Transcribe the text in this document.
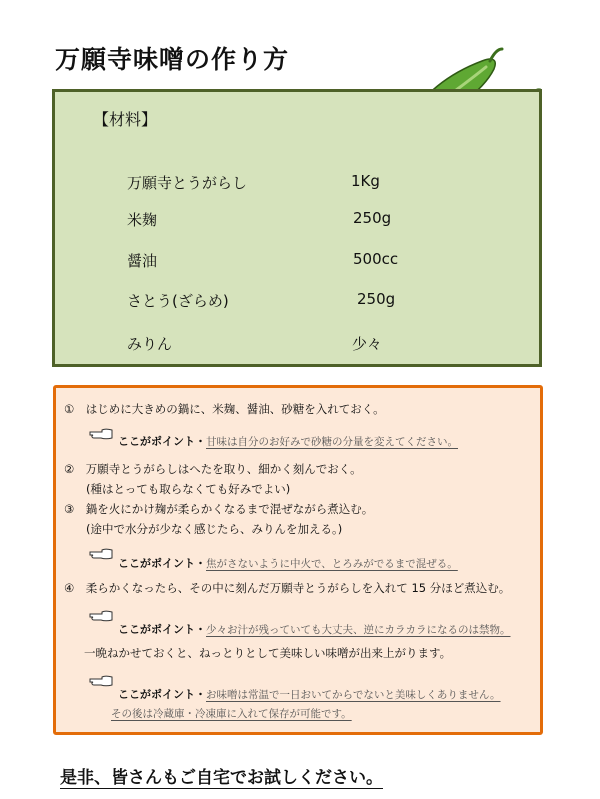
万願寺味噌の作り方
【材料】
万願寺とうがらし	1Kg
米麹	250g
醤油	500cc
さとう(ざらめ)	250g
みりん	少々
①　はじめに大きめの鍋に、米麹、醤油、砂糖を入れておく。
ここがポイント・甘味は自分のお好みで砂糖の分量を変えてください。
②　万願寺とうがらしはへたを取り、細かく刻んでおく。
(種はとっても取らなくても好みでよい)
③　鍋を火にかけ麹が柔らかくなるまで混ぜながら煮込む。
(途中で水分が少なく感じたら、みりんを加える。)
ここがポイント・焦がさないように中火で、とろみがでるまで混ぜる。
④　柔らかくなったら、その中に刻んだ万願寺とうがらしを入れて 15 分ほど煮込む。
ここがポイント・少々お汁が残っていても大丈夫、逆にカラカラになるのは禁物。
一晩ねかせておくと、ねっとりとして美味しい味噌が出来上がります。
ここがポイント・お味噌は常温で一日おいてからでないと美味しくありません。
その後は冷蔵庫・冷凍庫に入れて保存が可能です。
是非、皆さんもご自宅でお試しください。
